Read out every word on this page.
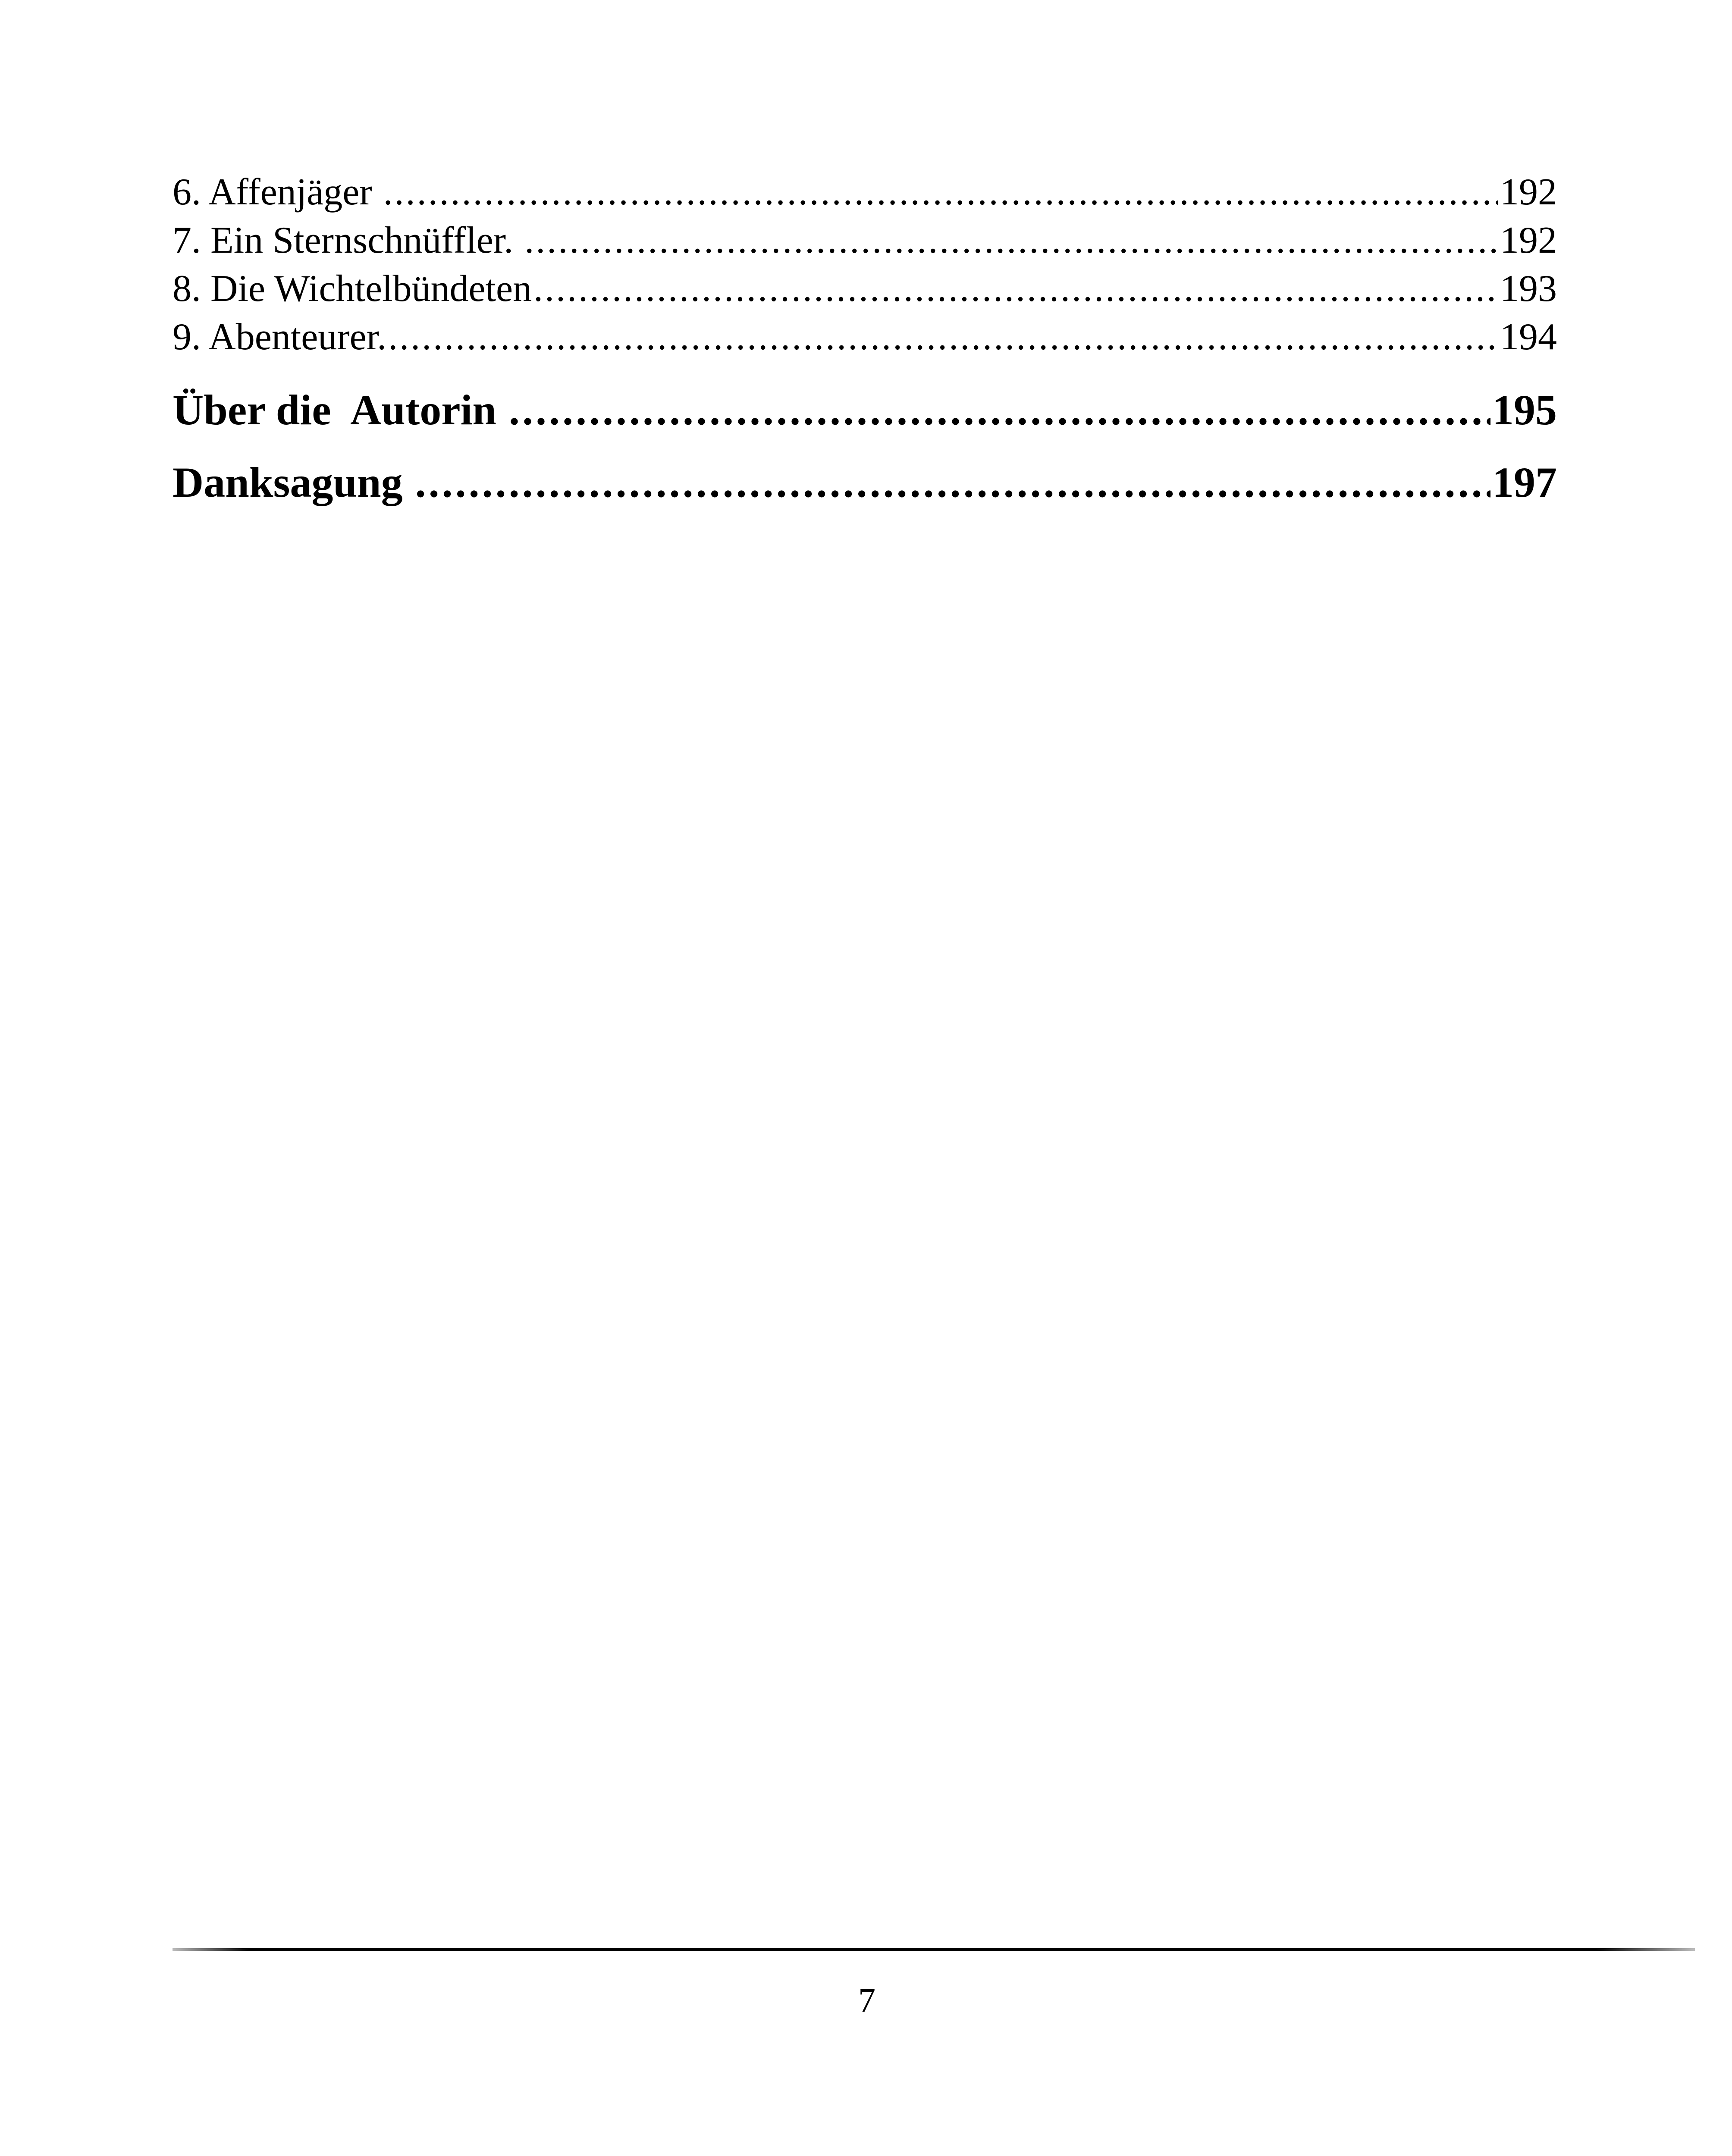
6. Affenjäger .....	192
7. Ein Sternschnüffler. .....	192
8. Die Wichtelbündeten .....	193
9. Abenteurer. .....	194
Über die  Autorin .....	195
Danksagung .....	197
7
